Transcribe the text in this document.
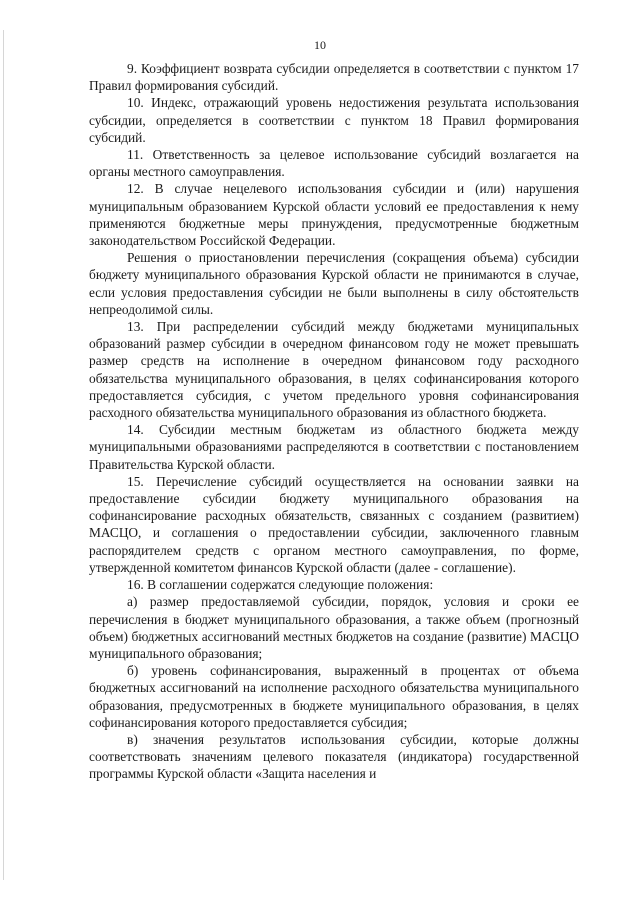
10

9. Коэффициент возврата субсидии определяется в соответствии с пунктом 17 Правил формирования субсидий.

10. Индекс, отражающий уровень недостижения результата использования субсидии, определяется в соответствии с пунктом 18 Правил формирования субсидий.

11. Ответственность за целевое использование субсидий возлагается на органы местного самоуправления.

12. В случае нецелевого использования субсидии и (или) нарушения муниципальным образованием Курской области условий ее предоставления к нему применяются бюджетные меры принуждения, предусмотренные бюджетным законодательством Российской Федерации.

Решения о приостановлении перечисления (сокращения объема) субсидии бюджету муниципального образования Курской области не принимаются в случае, если условия предоставления субсидии не были выполнены в силу обстоятельств непреодолимой силы.

13. При распределении субсидий между бюджетами муниципальных образований размер субсидии в очередном финансовом году не может превышать размер средств на исполнение в очередном финансовом году расходного обязательства муниципального образования, в целях софинансирования которого предоставляется субсидия, с учетом предельного уровня софинансирования расходного обязательства муниципального образования из областного бюджета.

14. Субсидии местным бюджетам из областного бюджета между муниципальными образованиями распределяются в соответствии с постановлением Правительства Курской области.

15. Перечисление субсидий осуществляется на основании заявки на предоставление субсидии бюджету муниципального образования на софинансирование расходных обязательств, связанных с созданием (развитием) МАСЦО, и соглашения о предоставлении субсидии, заключенного главным распорядителем средств с органом местного самоуправления, по форме, утвержденной комитетом финансов Курской области (далее - соглашение).

16. В соглашении содержатся следующие положения:

а) размер предоставляемой субсидии, порядок, условия и сроки ее перечисления в бюджет муниципального образования, а также объем (прогнозный объем) бюджетных ассигнований местных бюджетов на создание (развитие) МАСЦО муниципального образования;

б) уровень софинансирования, выраженный в процентах от объема бюджетных ассигнований на исполнение расходного обязательства муниципального образования, предусмотренных в бюджете муниципального образования, в целях софинансирования которого предоставляется субсидия;

в) значения результатов использования субсидии, которые должны соответствовать значениям целевого показателя (индикатора) государственной программы Курской области «Защита населения и
